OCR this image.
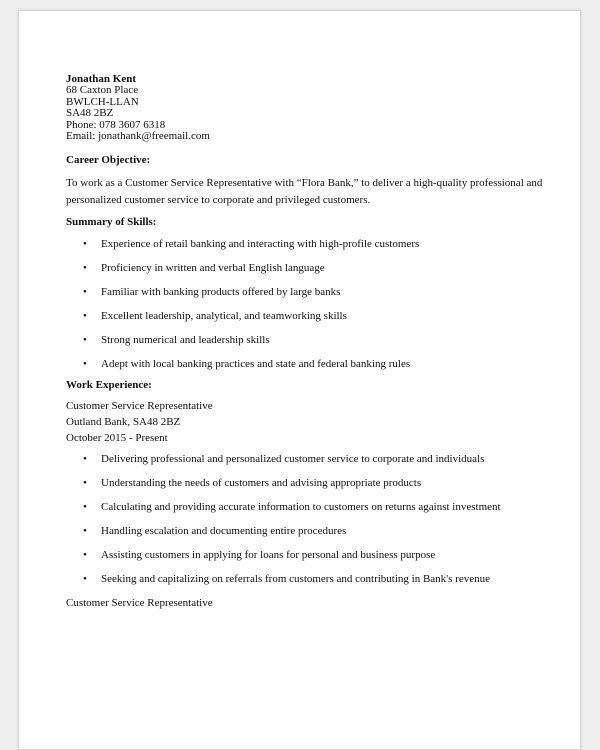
Jonathan Kent
68 Caxton Place
BWLCH-LLAN
SA48 2BZ
Phone: 078 3607 6318
Email: jonathank@freemail.com
Career Objective:
To work as a Customer Service Representative with “Flora Bank,” to deliver a high-quality professional and personalized customer service to corporate and privileged customers.
Summary of Skills:
• Experience of retail banking and interacting with high-profile customers
• Proficiency in written and verbal English language
• Familiar with banking products offered by large banks
• Excellent leadership, analytical, and teamworking skills
• Strong numerical and leadership skills
• Adept with local banking practices and state and federal banking rules
Work Experience:
Customer Service Representative
Outland Bank, SA48 2BZ
October 2015 - Present
• Delivering professional and personalized customer service to corporate and individuals
• Understanding the needs of customers and advising appropriate products
• Calculating and providing accurate information to customers on returns against investment
• Handling escalation and documenting entire procedures
• Assisting customers in applying for loans for personal and business purpose
• Seeking and capitalizing on referrals from customers and contributing in Bank's revenue
Customer Service Representative
